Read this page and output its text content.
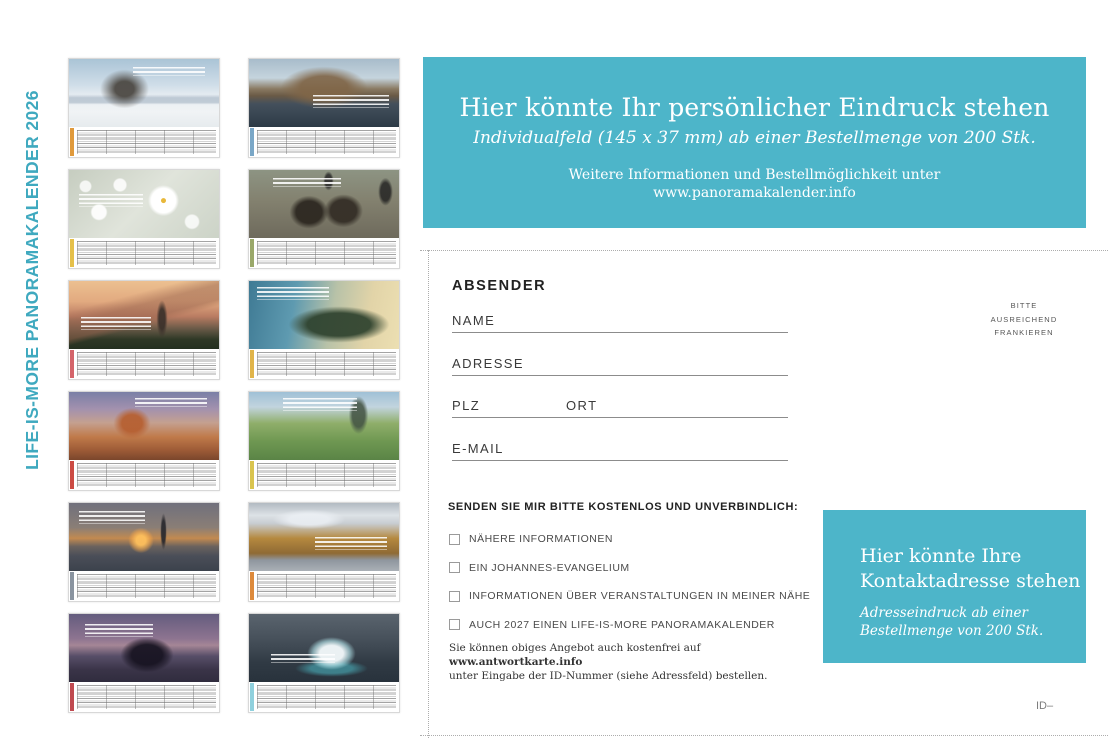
LIFE-IS-MORE PANORAMAKALENDER 2026	Hier könnte Ihr persönlicher Eindruck stehen
Individualfeld (145 x 37 mm) ab einer Bestellmenge von 200 Stk.
Weitere Informationen und Bestellmöglichkeit unter
www.panoramakalender.info
ABSENDER
NAME
ADRESSE
PLZ	ORT
E-MAIL
SENDEN SIE MIR BITTE KOSTENLOS UND UNVERBINDLICH:
NÄHERE INFORMATIONEN
EIN JOHANNES-EVANGELIUM
INFORMATIONEN ÜBER VERANSTALTUNGEN IN MEINER NÄHE
AUCH 2027 EINEN LIFE-IS-MORE PANORAMAKALENDER
Sie können obiges Angebot auch kostenfrei auf www.antwortkarte.info
unter Eingabe der ID-Nummer (siehe Adressfeld) bestellen.
BITTE
AUSREICHEND
FRANKIEREN
Hier könnte Ihre
Kontaktadresse stehen
Adresseindruck ab einer
Bestellmenge von 200 Stk.
ID–
